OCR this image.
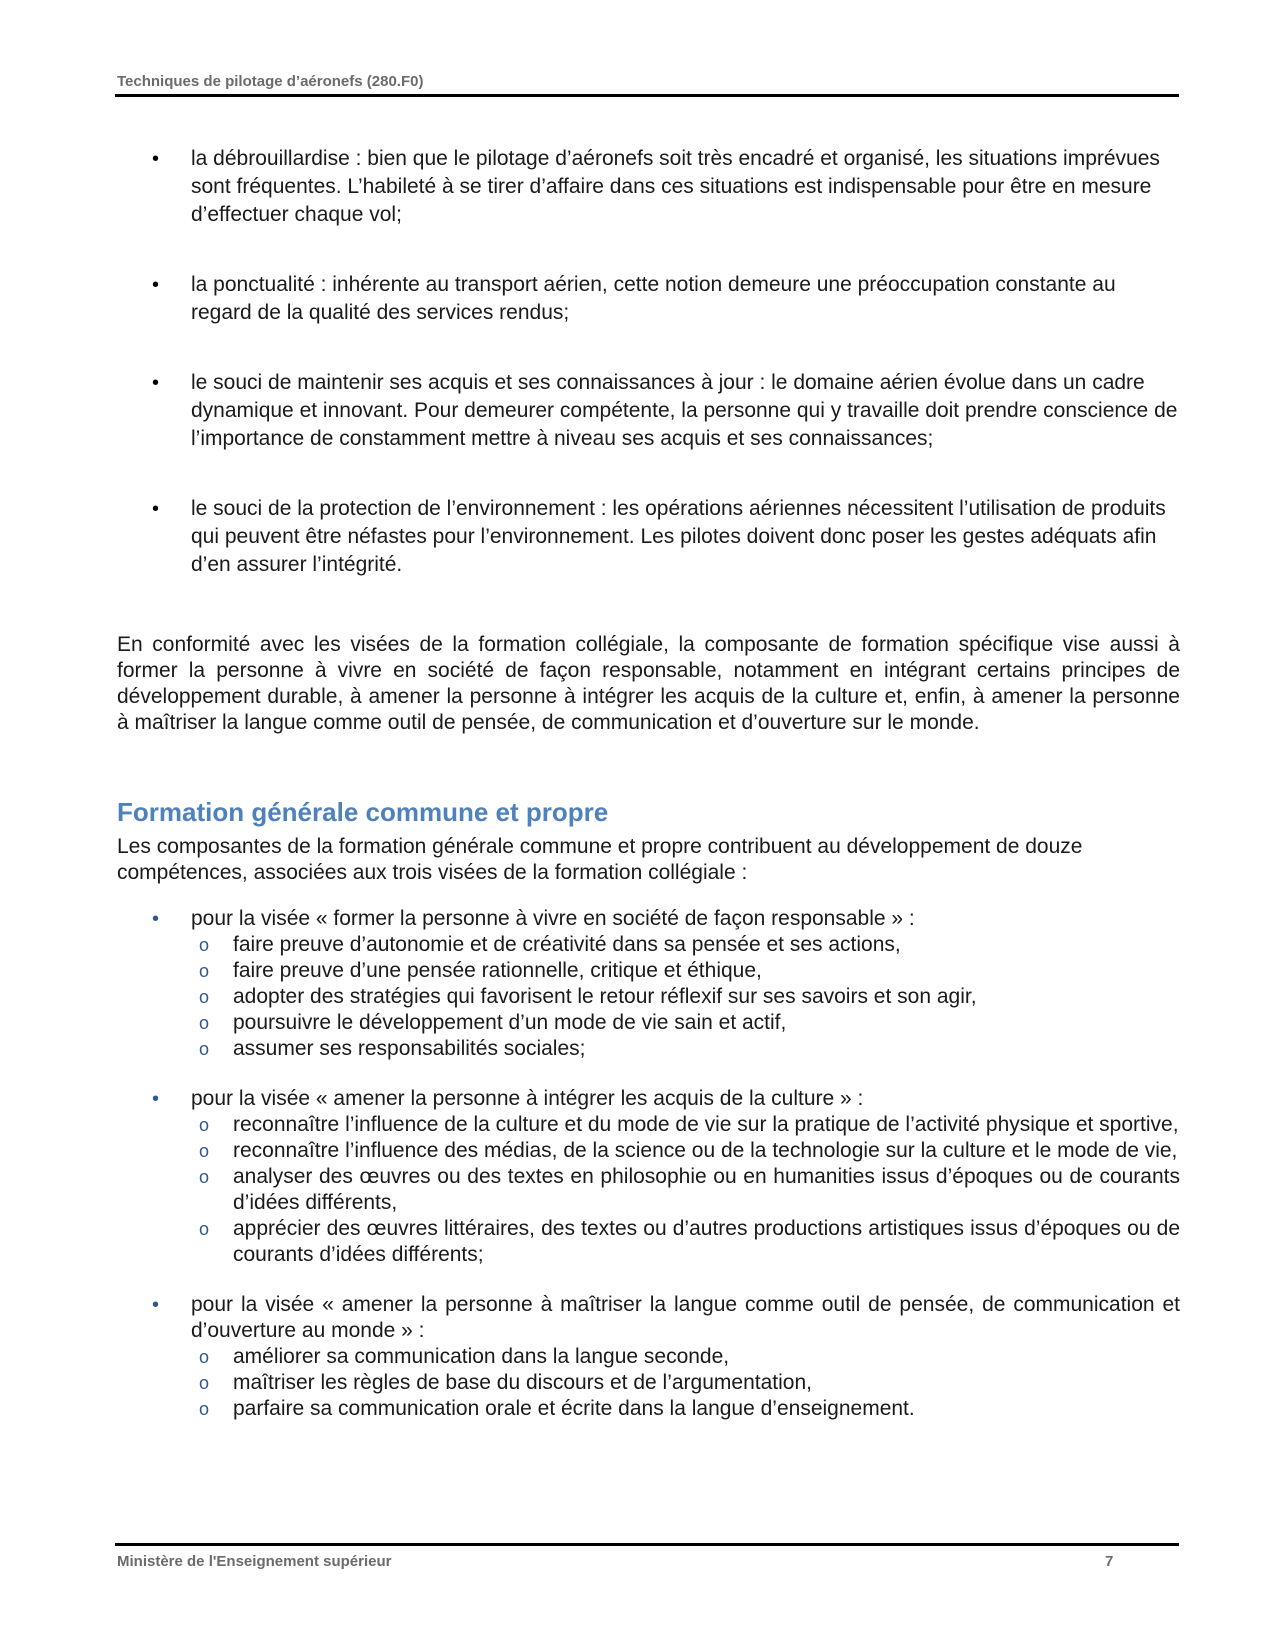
Techniques de pilotage d’aéronefs (280.F0)
• la débrouillardise : bien que le pilotage d’aéronefs soit très encadré et organisé, les situations imprévues sont fréquentes. L’habileté à se tirer d’affaire dans ces situations est indispensable pour être en mesure d’effectuer chaque vol;
• la ponctualité : inhérente au transport aérien, cette notion demeure une préoccupation constante au regard de la qualité des services rendus;
• le souci de maintenir ses acquis et ses connaissances à jour : le domaine aérien évolue dans un cadre dynamique et innovant. Pour demeurer compétente, la personne qui y travaille doit prendre conscience de l’importance de constamment mettre à niveau ses acquis et ses connaissances;
• le souci de la protection de l’environnement : les opérations aériennes nécessitent l’utilisation de produits qui peuvent être néfastes pour l’environnement. Les pilotes doivent donc poser les gestes adéquats afin d’en assurer l’intégrité.

En conformité avec les visées de la formation collégiale, la composante de formation spécifique vise aussi à former la personne à vivre en société de façon responsable, notamment en intégrant certains principes de développement durable, à amener la personne à intégrer les acquis de la culture et, enfin, à amener la personne à maîtriser la langue comme outil de pensée, de communication et d’ouverture sur le monde.

Formation générale commune et propre

Les composantes de la formation générale commune et propre contribuent au développement de douze compétences, associées aux trois visées de la formation collégiale :

• pour la visée « former la personne à vivre en société de façon responsable » :
o faire preuve d’autonomie et de créativité dans sa pensée et ses actions,
o faire preuve d’une pensée rationnelle, critique et éthique,
o adopter des stratégies qui favorisent le retour réflexif sur ses savoirs et son agir,
o poursuivre le développement d’un mode de vie sain et actif,
o assumer ses responsabilités sociales;
• pour la visée « amener la personne à intégrer les acquis de la culture » :
o reconnaître l’influence de la culture et du mode de vie sur la pratique de l’activité physique et sportive,
o reconnaître l’influence des médias, de la science ou de la technologie sur la culture et le mode de vie,
o analyser des œuvres ou des textes en philosophie ou en humanities issus d’époques ou de courants d’idées différents,
o apprécier des œuvres littéraires, des textes ou d’autres productions artistiques issus d’époques ou de courants d’idées différents;
• pour la visée « amener la personne à maîtriser la langue comme outil de pensée, de communication et d’ouverture au monde » :
o améliorer sa communication dans la langue seconde,
o maîtriser les règles de base du discours et de l’argumentation,
o parfaire sa communication orale et écrite dans la langue d’enseignement.
Ministère de l'Enseignement supérieur	7
